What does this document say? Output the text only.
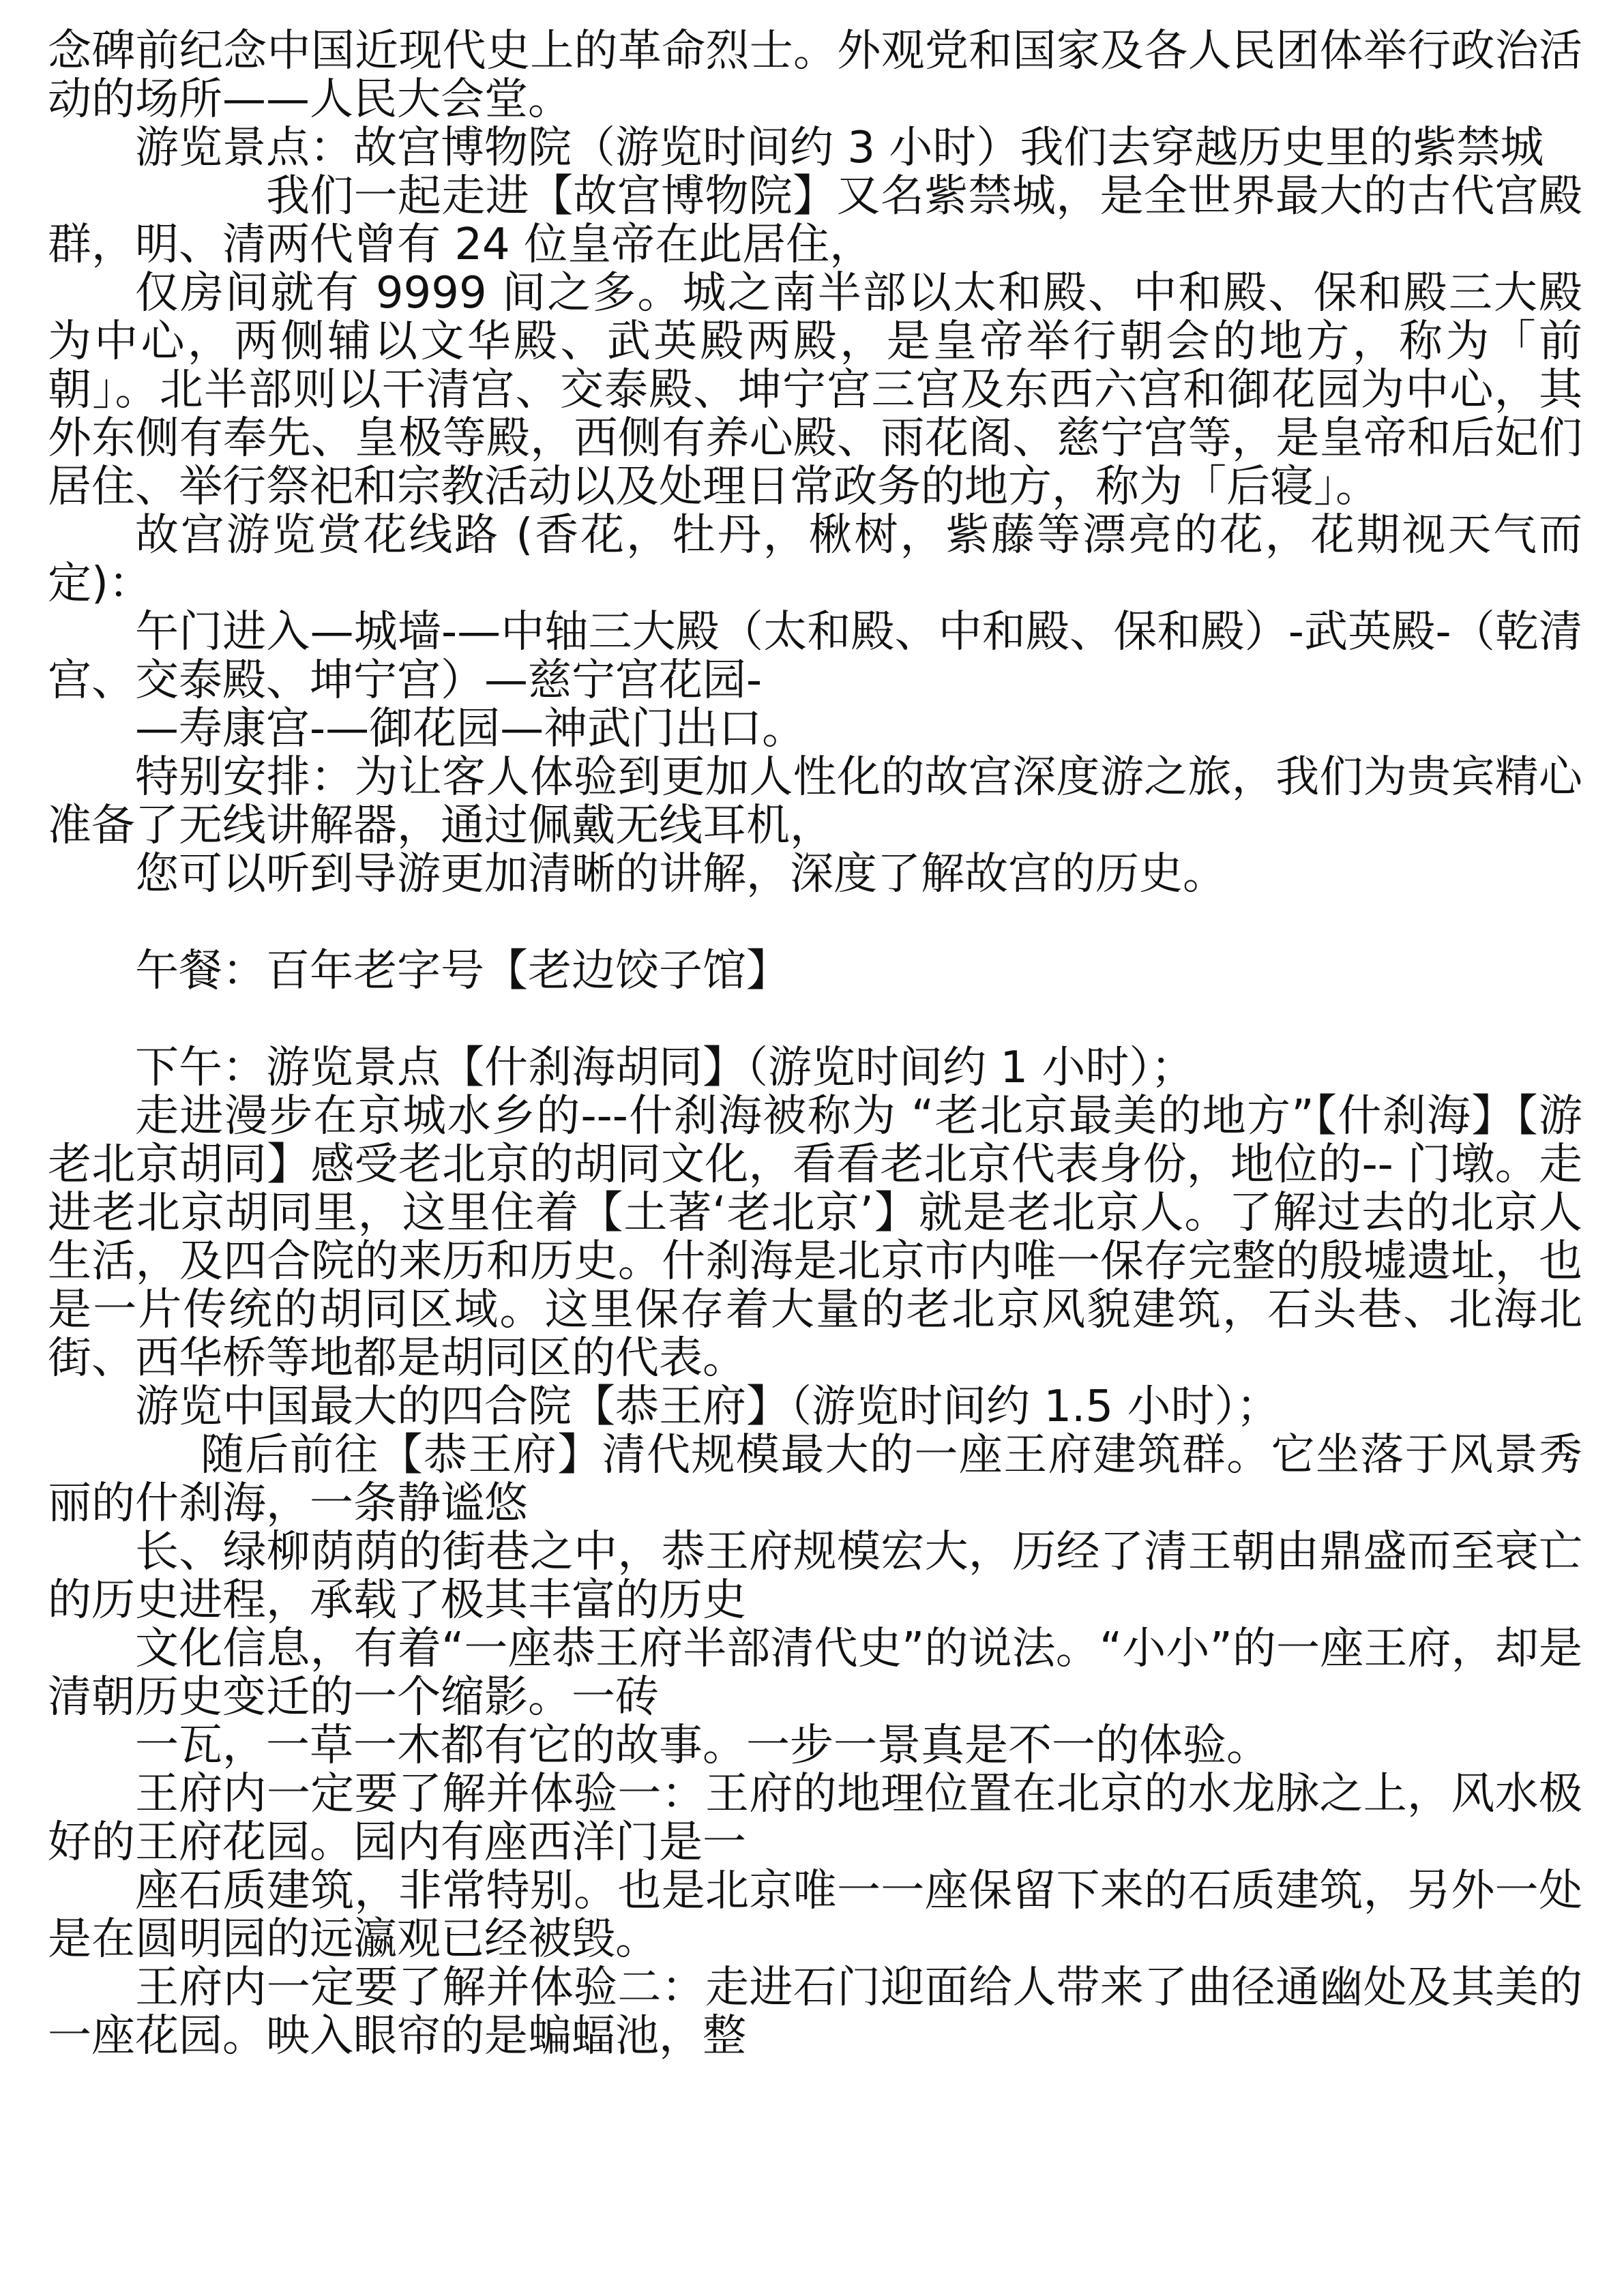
念碑前纪念中国近现代史上的革命烈士。外观党和国家及各人民团体举行政治活动的场所——人民大会堂。

游览景点：故宫博物院（游览时间约 3 小时）我们去穿越历史里的紫禁城

我们一起走进【故宫博物院】又名紫禁城，是全世界最大的古代宫殿群，明、清两代曾有 24 位皇帝在此居住，

仅房间就有 9999 间之多。城之南半部以太和殿、中和殿、保和殿三大殿为中心，两侧辅以文华殿、武英殿两殿，是皇帝举行朝会的地方，称为「前朝」。北半部则以干清宫、交泰殿、坤宁宫三宫及东西六宫和御花园为中心，其外东侧有奉先、皇极等殿，西侧有养心殿、雨花阁、慈宁宫等，是皇帝和后妃们居住、举行祭祀和宗教活动以及处理日常政务的地方，称为「后寝」。

故宫游览赏花线路 (香花，牡丹，楸树，紫藤等漂亮的花，花期视天气而定)：

午门进入—城墙-—中轴三大殿（太和殿、中和殿、保和殿）-武英殿-（乾清宫、交泰殿、坤宁宫）—慈宁宫花园-

—寿康宫-—御花园—神武门出口。

特别安排：为让客人体验到更加人性化的故宫深度游之旅，我们为贵宾精心准备了无线讲解器，通过佩戴无线耳机，

您可以听到导游更加清晰的讲解，深度了解故宫的历史。

午餐：百年老字号【老边饺子馆】

下午：游览景点【什刹海胡同】（游览时间约 1 小时）；

走进漫步在京城水乡的---什刹海被称为 “老北京最美的地方”【什刹海】【游老北京胡同】感受老北京的胡同文化，看看老北京代表身份，地位的-- 门墩。走进老北京胡同里，这里住着【土著‘老北京’】就是老北京人。了解过去的北京人生活，及四合院的来历和历史。什刹海是北京市内唯一保存完整的殷墟遗址，也是一片传统的胡同区域。这里保存着大量的老北京风貌建筑，石头巷、北海北街、西华桥等地都是胡同区的代表。

游览中国最大的四合院【恭王府】（游览时间约 1.5 小时）；

随后前往【恭王府】清代规模最大的一座王府建筑群。它坐落于风景秀丽的什刹海，一条静谧悠

长、绿柳荫荫的街巷之中，恭王府规模宏大，历经了清王朝由鼎盛而至衰亡的历史进程，承载了极其丰富的历史

文化信息，有着“一座恭王府半部清代史”的说法。“小小”的一座王府，却是清朝历史变迁的一个缩影。一砖

一瓦，一草一木都有它的故事。一步一景真是不一的体验。

王府内一定要了解并体验一：王府的地理位置在北京的水龙脉之上，风水极好的王府花园。园内有座西洋门是一

座石质建筑，非常特别。也是北京唯一一座保留下来的石质建筑，另外一处是在圆明园的远瀛观已经被毁。

王府内一定要了解并体验二：走进石门迎面给人带来了曲径通幽处及其美的一座花园。映入眼帘的是蝙蝠池，整
